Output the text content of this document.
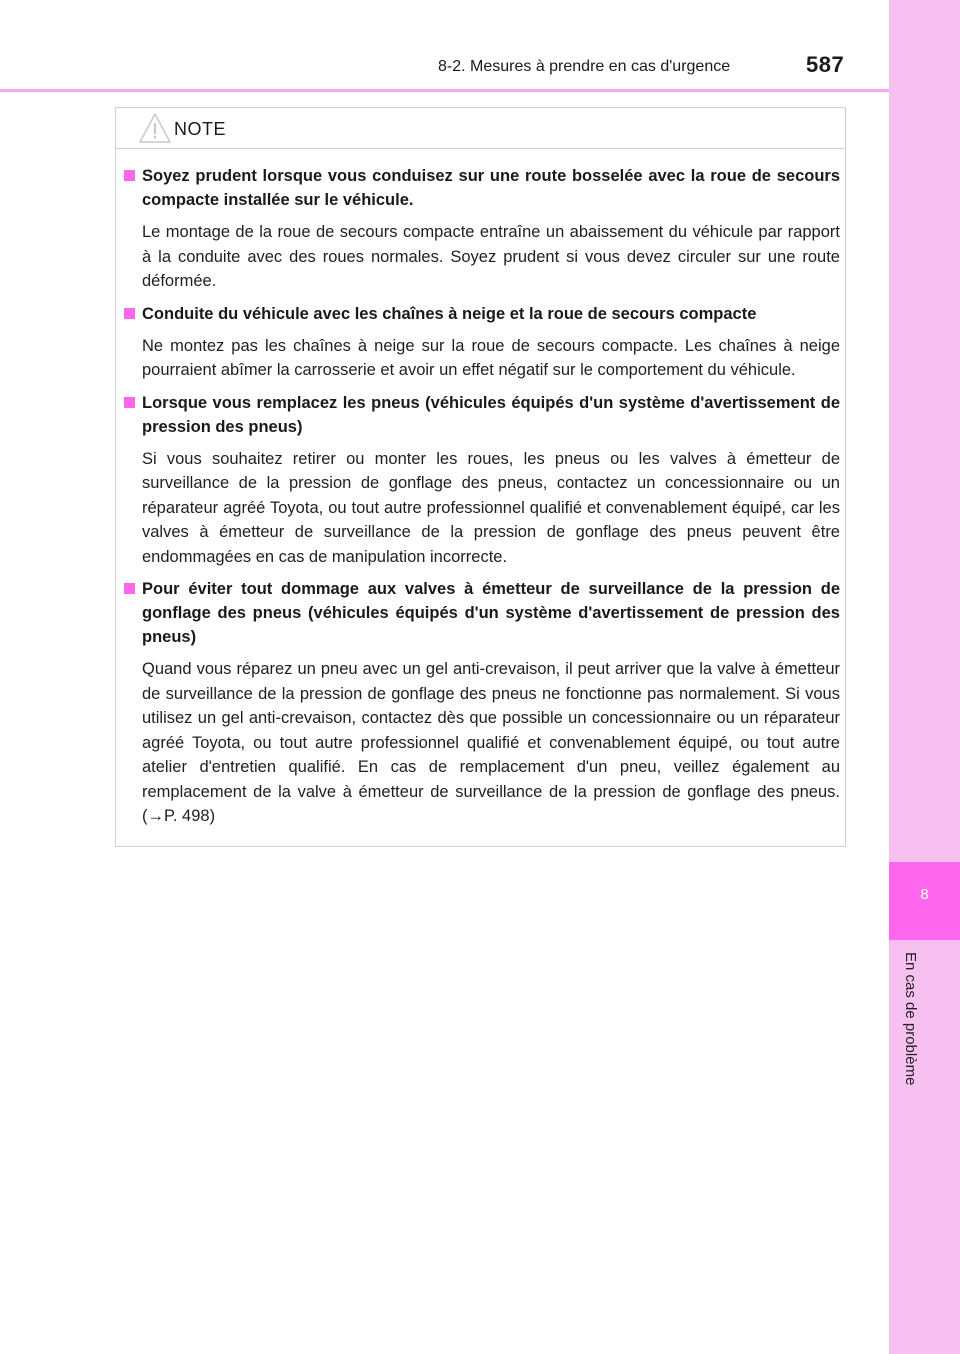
8
En cas de problème
8-2. Mesures à prendre en cas d'urgence	587
NOTE
Soyez prudent lorsque vous conduisez sur une route bosselée avec la roue de secours compacte installée sur le véhicule.
Le montage de la roue de secours compacte entraîne un abaissement du véhicule par rapport à la conduite avec des roues normales. Soyez prudent si vous devez circuler sur une route déformée.
Conduite du véhicule avec les chaînes à neige et la roue de secours compacte
Ne montez pas les chaînes à neige sur la roue de secours compacte. Les chaînes à neige pourraient abîmer la carrosserie et avoir un effet négatif sur le comportement du véhicule.
Lorsque vous remplacez les pneus (véhicules équipés d'un système d'avertissement de pression des pneus)
Si vous souhaitez retirer ou monter les roues, les pneus ou les valves à émetteur de surveillance de la pression de gonflage des pneus, contactez un concessionnaire ou un réparateur agréé Toyota, ou tout autre professionnel qualifié et convenablement équipé, car les valves à émetteur de surveillance de la pression de gonflage des pneus peuvent être endommagées en cas de manipulation incorrecte.
Pour éviter tout dommage aux valves à émetteur de surveillance de la pression de gonflage des pneus (véhicules équipés d'un système d'avertissement de pression des pneus)
Quand vous réparez un pneu avec un gel anti-crevaison, il peut arriver que la valve à émetteur de surveillance de la pression de gonflage des pneus ne fonctionne pas normalement. Si vous utilisez un gel anti-crevaison, contactez dès que possible un concessionnaire ou un réparateur agréé Toyota, ou tout autre professionnel qualifié et convenablement équipé, ou tout autre atelier d'entretien qualifié. En cas de remplacement d'un pneu, veillez également au remplacement de la valve à émetteur de surveillance de la pression de gonflage des pneus. (→P. 498)
